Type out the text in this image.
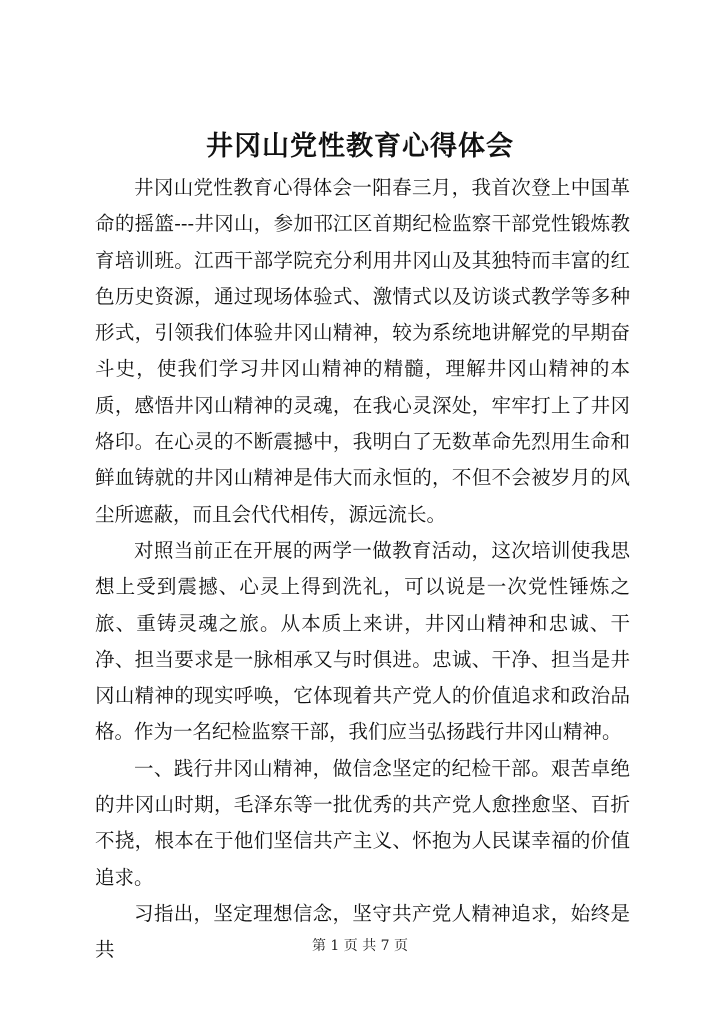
井冈山党性教育心得体会

井冈山党性教育心得体会一阳春三月，我首次登上中国革命的摇篮---井冈山，参加邗江区首期纪检监察干部党性锻炼教育培训班。江西干部学院充分利用井冈山及其独特而丰富的红色历史资源，通过现场体验式、激情式以及访谈式教学等多种形式，引领我们体验井冈山精神，较为系统地讲解党的早期奋斗史，使我们学习井冈山精神的精髓，理解井冈山精神的本质，感悟井冈山精神的灵魂，在我心灵深处，牢牢打上了井冈烙印。在心灵的不断震撼中，我明白了无数革命先烈用生命和鲜血铸就的井冈山精神是伟大而永恒的，不但不会被岁月的风尘所遮蔽，而且会代代相传，源远流长。

对照当前正在开展的两学一做教育活动，这次培训使我思想上受到震撼、心灵上得到洗礼，可以说是一次党性锤炼之旅、重铸灵魂之旅。从本质上来讲，井冈山精神和忠诚、干净、担当要求是一脉相承又与时俱进。忠诚、干净、担当是井冈山精神的现实呼唤，它体现着共产党人的价值追求和政治品格。作为一名纪检监察干部，我们应当弘扬践行井冈山精神。

一、践行井冈山精神，做信念坚定的纪检干部。艰苦卓绝的井冈山时期，毛泽东等一批优秀的共产党人愈挫愈坚、百折不挠，根本在于他们坚信共产主义、怀抱为人民谋幸福的价值追求。

习指出，坚定理想信念，坚守共产党人精神追求，始终是共	第 1 页 共 7 页
